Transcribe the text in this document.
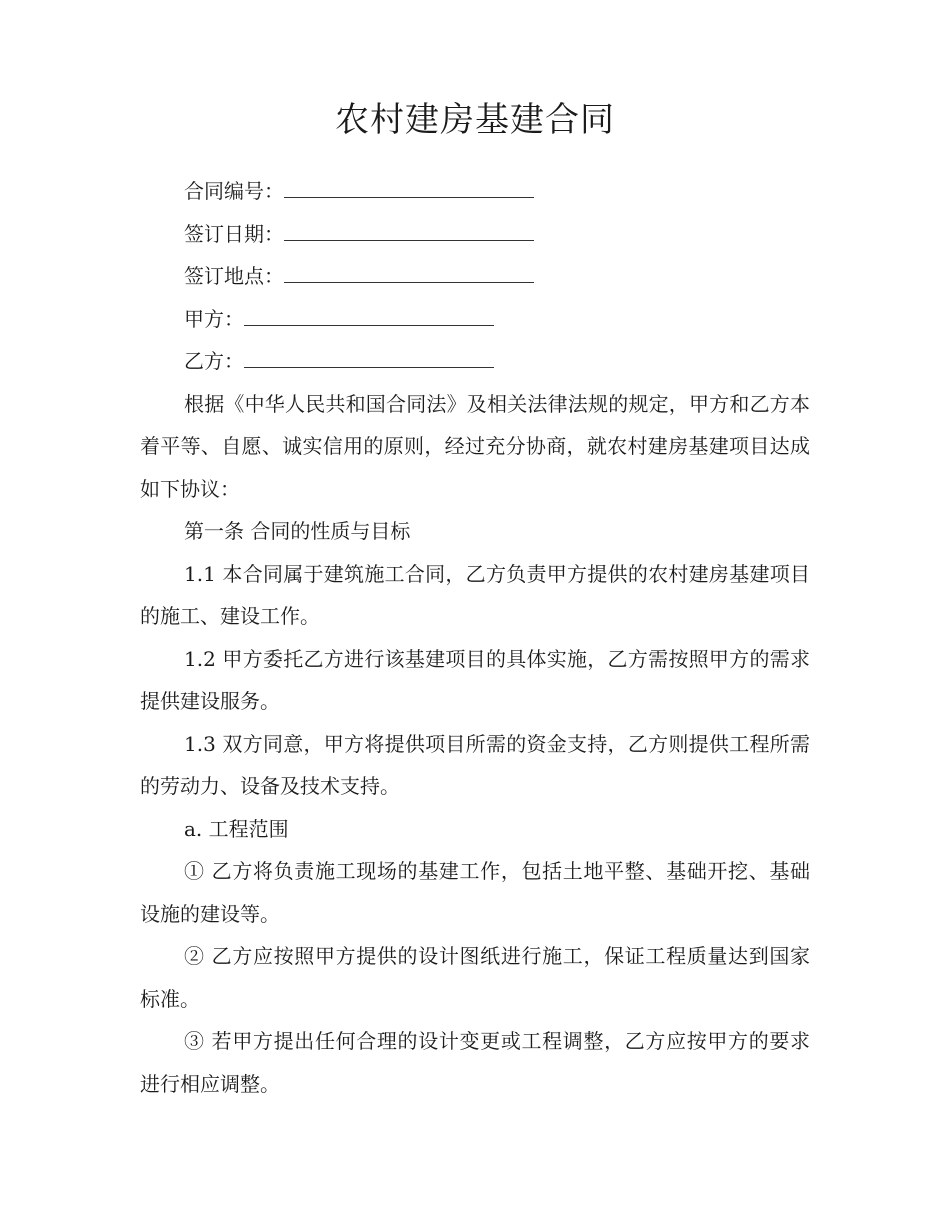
农村建房基建合同

合同编号：

签订日期：

签订地点：

甲方：

乙方：

根据《中华人民共和国合同法》及相关法律法规的规定，甲方和乙方本着平等、自愿、诚实信用的原则，经过充分协商，就农村建房基建项目达成如下协议：

第一条 合同的性质与目标

1.1 本合同属于建筑施工合同，乙方负责甲方提供的农村建房基建项目的施工、建设工作。

1.2 甲方委托乙方进行该基建项目的具体实施，乙方需按照甲方的需求提供建设服务。

1.3 双方同意，甲方将提供项目所需的资金支持，乙方则提供工程所需的劳动力、设备及技术支持。

a. 工程范围

① 乙方将负责施工现场的基建工作，包括土地平整、基础开挖、基础设施的建设等。

② 乙方应按照甲方提供的设计图纸进行施工，保证工程质量达到国家标准。

③ 若甲方提出任何合理的设计变更或工程调整，乙方应按甲方的要求进行相应调整。
